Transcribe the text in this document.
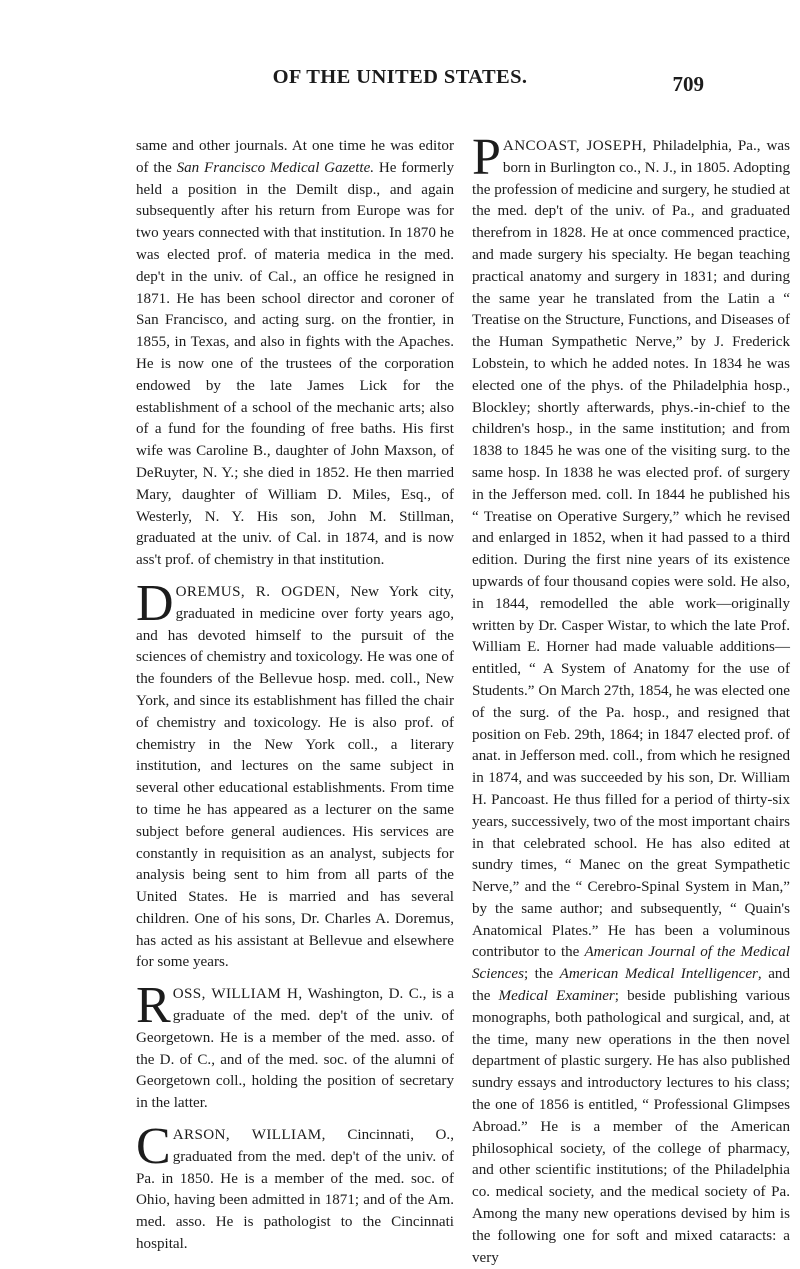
OF THE UNITED STATES.	709

same and other journals. At one time he was editor of the San Francisco Medical Gazette. He formerly held a position in the Demilt disp., and again subsequently after his return from Europe was for two years connected with that institution. In 1870 he was elected prof. of materia medica in the med. dep't in the univ. of Cal., an office he resigned in 1871. He has been school director and coroner of San Francisco, and acting surg. on the frontier, in 1855, in Texas, and also in fights with the Apaches. He is now one of the trustees of the corporation endowed by the late James Lick for the establishment of a school of the mechanic arts; also of a fund for the founding of free baths. His first wife was Caroline B., daughter of John Maxson, of DeRuyter, N. Y.; she died in 1852. He then married Mary, daughter of William D. Miles, Esq., of Westerly, N. Y. His son, John M. Stillman, graduated at the univ. of Cal. in 1874, and is now ass't prof. of chemistry in that institution.

DOREMUS, R. OGDEN, New York city, graduated in medicine over forty years ago, and has devoted himself to the pursuit of the sciences of chemistry and toxicology. He was one of the founders of the Bellevue hosp. med. coll., New York, and since its establishment has filled the chair of chemistry and toxicology. He is also prof. of chemistry in the New York coll., a literary institution, and lectures on the same subject in several other educational establishments. From time to time he has appeared as a lecturer on the same subject before general audiences. His services are constantly in requisition as an analyst, subjects for analysis being sent to him from all parts of the United States. He is married and has several children. One of his sons, Dr. Charles A. Doremus, has acted as his assistant at Bellevue and elsewhere for some years.

ROSS, WILLIAM H, Washington, D. C., is a graduate of the med. dep't of the univ. of Georgetown. He is a member of the med. asso. of the D. of C., and of the med. soc. of the alumni of Georgetown coll., holding the position of secretary in the latter.

CARSON, WILLIAM, Cincinnati, O., graduated from the med. dep't of the univ. of Pa. in 1850. He is a member of the med. soc. of Ohio, having been admitted in 1871; and of the Am. med. asso. He is pathologist to the Cincinnati hospital.

PANCOAST, JOSEPH, Philadelphia, Pa., was born in Burlington co., N. J., in 1805. Adopting the profession of medicine and surgery, he studied at the med. dep't of the univ. of Pa., and graduated therefrom in 1828. He at once commenced practice, and made surgery his specialty. He began teaching practical anatomy and surgery in 1831; and during the same year he translated from the Latin a “ Treatise on the Structure, Functions, and Diseases of the Human Sympathetic Nerve,” by J. Frederick Lobstein, to which he added notes. In 1834 he was elected one of the phys. of the Philadelphia hosp., Blockley; shortly afterwards, phys.-in-chief to the children's hosp., in the same institution; and from 1838 to 1845 he was one of the visiting surg. to the same hosp. In 1838 he was elected prof. of surgery in the Jefferson med. coll. In 1844 he published his “ Treatise on Operative Surgery,” which he revised and enlarged in 1852, when it had passed to a third edition. During the first nine years of its existence upwards of four thousand copies were sold. He also, in 1844, remodelled the able work—originally written by Dr. Casper Wistar, to which the late Prof. William E. Horner had made valuable additions—entitled, “ A System of Anatomy for the use of Students.” On March 27th, 1854, he was elected one of the surg. of the Pa. hosp., and resigned that position on Feb. 29th, 1864; in 1847 elected prof. of anat. in Jefferson med. coll., from which he resigned in 1874, and was succeeded by his son, Dr. William H. Pancoast. He thus filled for a period of thirty-six years, successively, two of the most important chairs in that celebrated school. He has also edited at sundry times, “ Manec on the great Sympathetic Nerve,” and the “ Cerebro-Spinal System in Man,” by the same author; and subsequently, “ Quain's Anatomical Plates.” He has been a voluminous contributor to the American Journal of the Medical Sciences; the American Medical Intelligencer, and the Medical Examiner; beside publishing various monographs, both pathological and surgical, and, at the time, many new operations in the then novel department of plastic surgery. He has also published sundry essays and introductory lectures to his class; the one of 1856 is entitled, “ Professional Glimpses Abroad.” He is a member of the American philosophical society, of the college of pharmacy, and other scientific institutions; of the Philadelphia co. medical society, and the medical society of Pa. Among the many new operations devised by him is the following one for soft and mixed cataracts: a very
